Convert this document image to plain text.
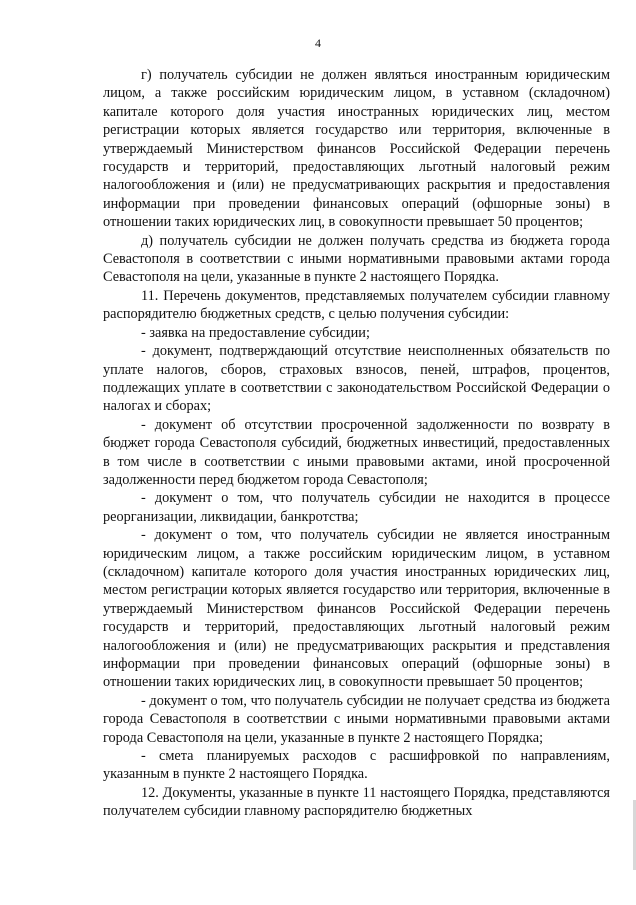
4

г) получатель субсидии не должен являться иностранным юридическим лицом, а также российским юридическим лицом, в уставном (складочном) капитале которого доля участия иностранных юридических лиц, местом регистрации которых является государство или территория, включенные в утверждаемый Министерством финансов Российской Федерации перечень государств и территорий, предоставляющих льготный налоговый режим налогообложения и (или) не предусматривающих раскрытия и предоставления информации при проведении финансовых операций (офшорные зоны) в отношении таких юридических лиц, в совокупности превышает 50 процентов;

д) получатель субсидии не должен получать средства из бюджета города Севастополя в соответствии с иными нормативными правовыми актами города Севастополя на цели, указанные в пункте 2 настоящего Порядка.

11. Перечень документов, представляемых получателем субсидии главному распорядителю бюджетных средств, с целью получения субсидии:

- заявка на предоставление субсидии;

- документ, подтверждающий отсутствие неисполненных обязательств по уплате налогов, сборов, страховых взносов, пеней, штрафов, процентов, подлежащих уплате в соответствии с законодательством Российской Федерации о налогах и сборах;

- документ об отсутствии просроченной задолженности по возврату в бюджет города Севастополя субсидий, бюджетных инвестиций, предоставленных в том числе в соответствии с иными правовыми актами, иной просроченной задолженности перед бюджетом города Севастополя;

- документ о том, что получатель субсидии не находится в процессе реорганизации, ликвидации, банкротства;

- документ о том, что получатель субсидии не является иностранным юридическим лицом, а также российским юридическим лицом, в уставном (складочном) капитале которого доля участия иностранных юридических лиц, местом регистрации которых является государство или территория, включенные в утверждаемый Министерством финансов Российской Федерации перечень государств и территорий, предоставляющих льготный налоговый режим налогообложения и (или) не предусматривающих раскрытия и представления информации при проведении финансовых операций (офшорные зоны) в отношении таких юридических лиц, в совокупности превышает 50 процентов;

- документ о том, что получатель субсидии не получает средства из бюджета города Севастополя в соответствии с иными нормативными правовыми актами города Севастополя на цели, указанные в пункте 2 настоящего Порядка;

- смета планируемых расходов с расшифровкой по направлениям, указанным в пункте 2 настоящего Порядка.

12. Документы, указанные в пункте 11 настоящего Порядка, представляются получателем субсидии главному распорядителю бюджетных
